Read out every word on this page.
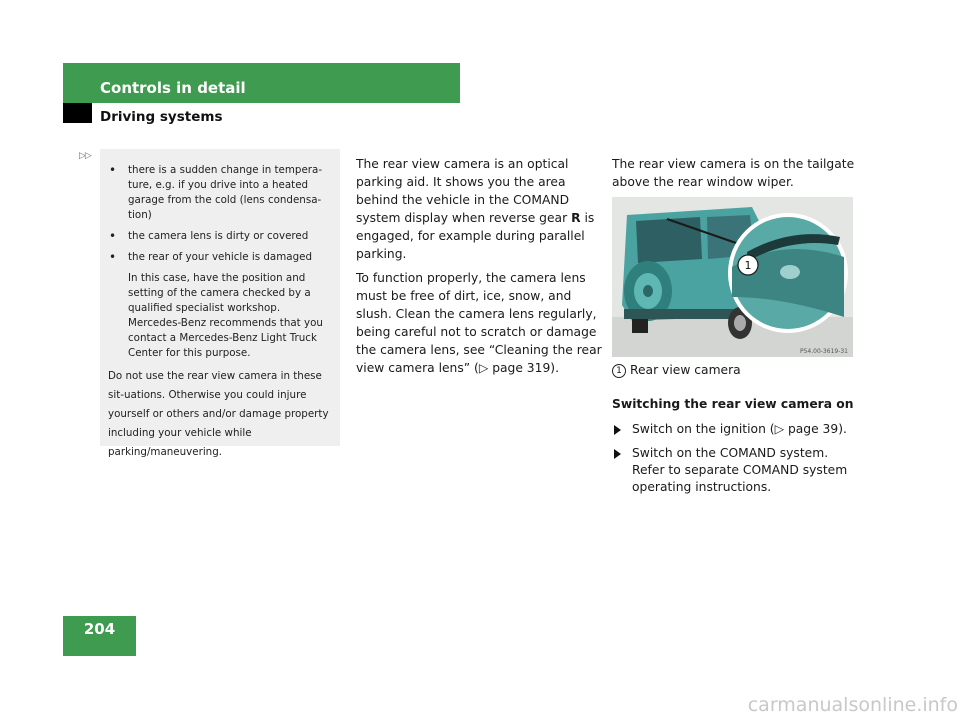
Controls in detail
Driving systems
▷▷
• there is a sudden change in tempera-ture, e.g. if you drive into a heated garage from the cold (lens condensa-tion)
• the camera lens is dirty or covered
• the rear of your vehicle is damaged
In this case, have the position and setting of the camera checked by a qualified specialist workshop. Mercedes-Benz recommends that you contact a Mercedes-Benz Light Truck Center for this purpose.
Do not use the rear view camera in these sit-uations. Otherwise you could injure yourself or others and/or damage property including your vehicle while parking/maneuvering.

The rear view camera is an optical parking aid. It shows you the area behind the vehicle in the COMAND system display when reverse gear R is engaged, for example during parallel parking.

To function properly, the camera lens must be free of dirt, ice, snow, and slush. Clean the camera lens regularly, being careful not to scratch or damage the camera lens, see “Cleaning the rear view camera lens” (▷ page 319).

The rear view camera is on the tailgate above the rear window wiper.

1
P54.00-3619-31
1 Rear view camera
Switching the rear view camera on
Switch on the ignition (▷ page 39).
Switch on the COMAND system. Refer to separate COMAND system operating instructions.
204
carmanualsonline.info
